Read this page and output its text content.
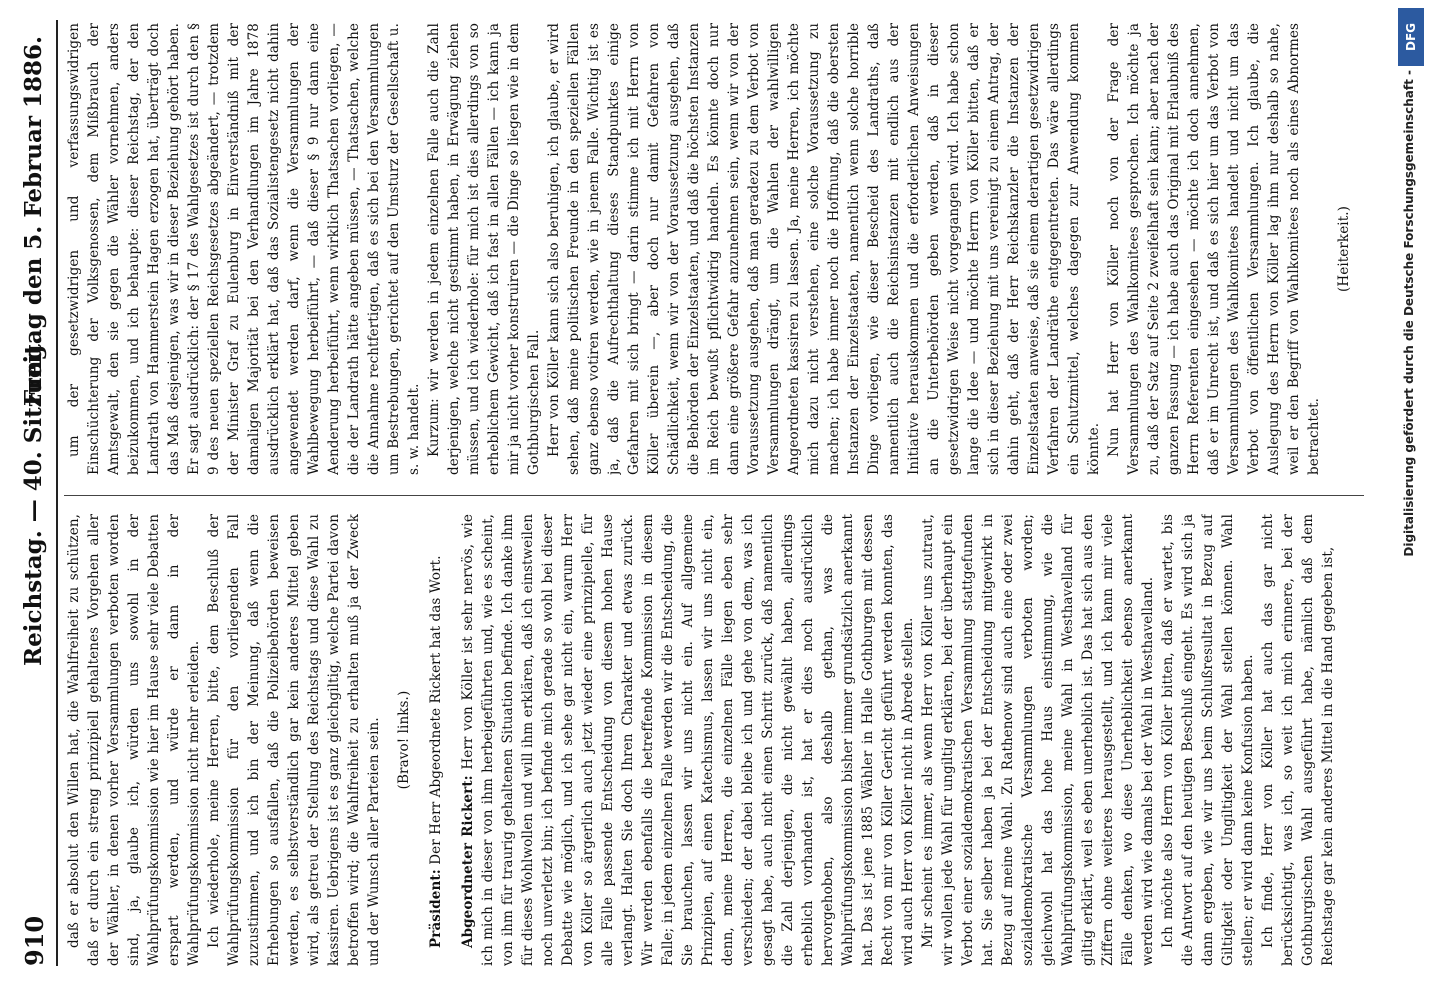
910
Reichstag. — 40. Sitzung.
Freitag den 5. Februar 1886.

daß er absolut den Willen hat, die Wahlfreiheit zu schützen, daß er durch ein streng prinzipiell gehaltenes Vorgehen aller der Wähler, in denen vorher Versammlungen verboten worden sind, ja, glaube ich, würden uns sowohl in der Wahlprüfungskommission wie hier im Hause sehr viele Debatten erspart werden, und würde er dann in der Wahlprüfungskommission nicht mehr erleiden. Ich wiederhole, meine Herren, bitte, dem Beschluß der Wahlprüfungskommission für den vorliegenden Fall zuzustimmen, und ich bin der Meinung, daß wenn die Erhebungen so ausfallen, daß die Polizeibehörden beweisen werden, es selbstverständlich gar kein anderes Mittel geben wird, als getreu der Stellung des Reichstags und diese Wahl zu kassiren. Uebrigens ist es ganz gleichgiltig, welche Partei davon betroffen wird; die Wahlfreiheit zu erhalten muß ja der Zweck und der Wunsch aller Parteien sein. (Bravo! links.)

Präsident: Der Herr Abgeordnete Rickert hat das Wort. Abgeordneter Rickert: Herr von Köller ist sehr nervös, wie ich mich in dieser von ihm herbeigeführten und, wie es scheint, von ihm für traurig gehaltenen Situation befinde. Ich danke ihm für dieses Wohlwollen und will ihm erklären, daß ich einstweilen noch unverletzt bin; ich befinde mich gerade so wohl bei dieser Debatte wie möglich, und ich sehe gar nicht ein, warum Herr von Köller so ärgerlich auch jetzt wieder eine prinzipielle, für alle Fälle passende Entscheidung von diesem hohen Hause verlangt. Halten Sie doch Ihren Charakter und etwas zurück. Wir werden ebenfalls die betreffende Kommission in diesem Falle; in jedem einzelnen Falle werden wir die Entscheidung, die Sie brauchen, lassen wir uns nicht ein. Auf allgemeine Prinzipien, auf einen Katechismus, lassen wir uns nicht ein, denn, meine Herren, die einzelnen Fälle liegen eben sehr verschieden; der dabei bleibe ich und gehe von dem, was ich gesagt habe, auch nicht einen Schritt zurück, daß namentlich die Zahl derjenigen, die nicht gewählt haben, allerdings erheblich vorhanden ist, hat er dies noch ausdrücklich hervorgehoben, also deshalb gethan, was die Wahlprüfungskommission bisher immer grundsätzlich anerkannt hat. Das ist jene 1885 Wähler in Halle Gothburgen mit dessen Recht von mir von Köller Gericht geführt werden konnten, das wird auch Herr von Köller nicht in Abrede stellen. Mir scheint es immer, als wenn Herr von Köller uns zutraut, wir wollen jede Wahl für ungiltig erklären, bei der überhaupt ein Verbot einer sozialdemokratischen Versammlung stattgefunden hat. Sie selber haben ja bei der Entscheidung mitgewirkt in Bezug auf meine Wahl. Zu Rathenow sind auch eine oder zwei sozialdemokratische Versammlungen verboten worden; gleichwohl hat das hohe Haus einstimmung, wie die Wahlprüfungskommission, meine Wahl in Westhavelland für giltig erklärt, weil es eben unerheblich ist. Das hat sich aus den Ziffern ohne weiteres herausgestellt, und ich kann mir viele Fälle denken, wo diese Unerheblichkeit ebenso anerkannt werden wird wie damals bei der Wahl in Westhavelland. Ich möchte also Herrn von Köller bitten, daß er wartet, bis die Antwort auf den heutigen Beschluß eingeht. Es wird sich ja dann ergeben, wie wir uns beim Schlußresultat in Bezug auf Giltigkeit oder Ungiltigkeit der Wahl stellen können. Wahl stellen; er wird dann keine Konfusion haben. Ich finde, Herr von Köller hat auch das gar nicht berücksichtigt, was ich, so weit ich mich erinnere, bei der Gothburgischen Wahl ausgeführt habe, nämlich daß dem Reichstage gar kein anderes Mittel in die Hand gegeben ist,

um der gesetzwidrigen und verfassungswidrigen Einschüchterung der Volksgenossen, dem Mißbrauch der Amtsgewalt, den sie gegen die Wähler vornehmen, anders beizukommen, und ich behaupte: dieser Reichstag, der den Landrath von Hammerstein Hagen erzogen hat, überträgt doch das Maß desjenigen, was wir in dieser Beziehung gehört haben. Er sagt ausdrücklich: der § 17 des Wahlgesetzes ist durch den § 9 des neuen speziellen Reichsgesetzes abgeändert, — trotzdem der Minister Graf zu Eulenburg in Einverständniß mit der damaligen Majorität bei den Verhandlungen im Jahre 1878 ausdrücklich erklärt hat, daß das Sozialistengesetz nicht dahin angewendet werden darf, wenn die Versammlungen der Wahlbewegung herbeiführt, — daß dieser § 9 nur dann eine Aenderung herbeiführt, wenn wirklich Thatsachen vorliegen, — die der Landrath hätte angeben müssen, — Thatsachen, welche die Annahme rechtfertigen, daß es sich bei den Versammlungen um Bestrebungen, gerichtet auf den Umsturz der Gesellschaft u. s. w. handelt. Kurzum: wir werden in jedem einzelnen Falle auch die Zahl derjenigen, welche nicht gestimmt haben, in Erwägung ziehen müssen, und ich wiederhole: für mich ist dies allerdings von so erheblichem Gewicht, daß ich fast in allen Fällen — ich kann ja mir ja nicht vorher konstruiren — die Dinge so liegen wie in dem Gothburgischen Fall. Herr von Köller kann sich also beruhigen, ich glaube, er wird sehen, daß meine politischen Freunde in den speziellen Fällen ganz ebenso votiren werden, wie in jenem Falle. Wichtig ist es ja, daß die Aufrechthaltung dieses Standpunktes einige Gefahren mit sich bringt — darin stimme ich mit Herrn von Köller überein —, aber doch nur damit Gefahren von Schädlichkeit, wenn wir von der Voraussetzung ausgehen, daß die Behörden der Einzelstaaten, und daß die höchsten Instanzen im Reich bewußt pflichtwidrig handeln. Es könnte doch nur dann eine größere Gefahr anzunehmen sein, wenn wir von der Voraussetzung ausgehen, daß man geradezu zu dem Verbot von Versammlungen drängt, um die Wahlen der wahlwilligen Angeordneten kassiren zu lassen. Ja, meine Herren, ich möchte mich dazu nicht verstehen, eine solche Voraussetzung zu machen; ich habe immer noch die Hoffnung, daß die obersten Instanzen der Einzelstaaten, namentlich wenn solche horrible Dinge vorliegen, wie dieser Bescheid des Landraths, daß namentlich auch die Reichsinstanzen mit endlich aus der Initiative herauskommen und die erforderlichen Anweisungen an die Unterbehörden geben werden, daß in dieser gesetzwidrigen Weise nicht vorgegangen wird. Ich habe schon lange die Idee — und möchte Herrn von Köller bitten, daß er sich in dieser Beziehung mit uns vereinigt zu einem Antrag, der dahin geht, daß der Herr Reichskanzler die Instanzen der Einzelstaaten anweise, daß sie einem derartigen gesetzwidrigen Verfahren der Landräthe entgegentreten. Das wäre allerdings ein Schutzmittel, welches dagegen zur Anwendung kommen könnte. Nun hat Herr von Köller noch von der Frage der Versammlungen des Wahlkomitees gesprochen. Ich möchte ja zu, daß der Satz auf Seite 2 zweifelhaft sein kann; aber nach der ganzen Fassung — ich habe auch das Original mit Erlaubniß des Herrn Referenten eingesehen — möchte ich doch annehmen, daß er im Unrecht ist, und daß es sich hier um das Verbot von Versammlungen des Wahlkomitees handelt und nicht um das Verbot von öffentlichen Versammlungen. Ich glaube, die Auslegung des Herrn von Köller lag ihm nur deshalb so nahe, weil er den Begriff von Wahlkomitees noch als eines Abnormes betrachtet.

(Heiterkeit.)

DFG
Digitalisierung gefördert durch die Deutsche Forschungsgemeinschaft -
